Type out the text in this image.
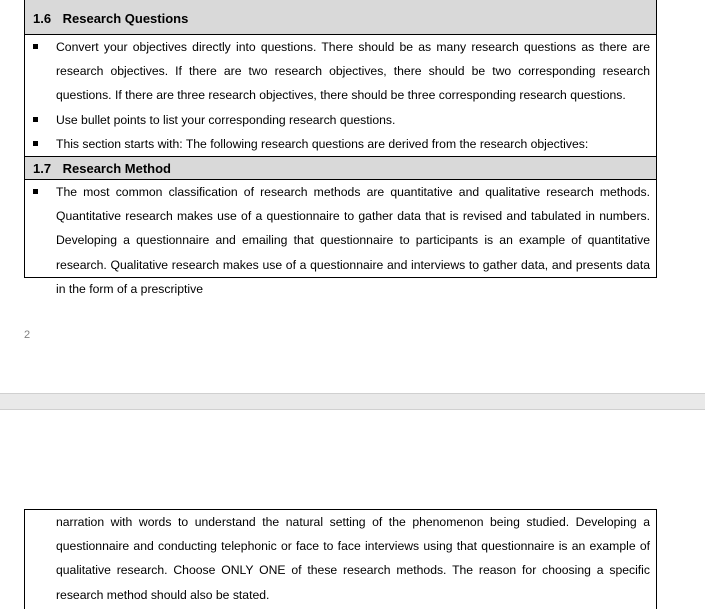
1.6 Research Questions
Convert your objectives directly into questions. There should be as many research questions as there are research objectives. If there are two research objectives, there should be two corresponding research questions. If there are three research objectives, there should be three corresponding research questions.
Use bullet points to list your corresponding research questions.
This section starts with: The following research questions are derived from the research objectives:
1.7 Research Method
The most common classification of research methods are quantitative and qualitative research methods. Quantitative research makes use of a questionnaire to gather data that is revised and tabulated in numbers. Developing a questionnaire and emailing that questionnaire to participants is an example of quantitative research. Qualitative research makes use of a questionnaire and interviews to gather data, and presents data in the form of a prescriptive
2
narration with words to understand the natural setting of the phenomenon being studied. Developing a questionnaire and conducting telephonic or face to face interviews using that questionnaire is an example of qualitative research. Choose ONLY ONE of these research methods. The reason for choosing a specific research method should also be stated.
